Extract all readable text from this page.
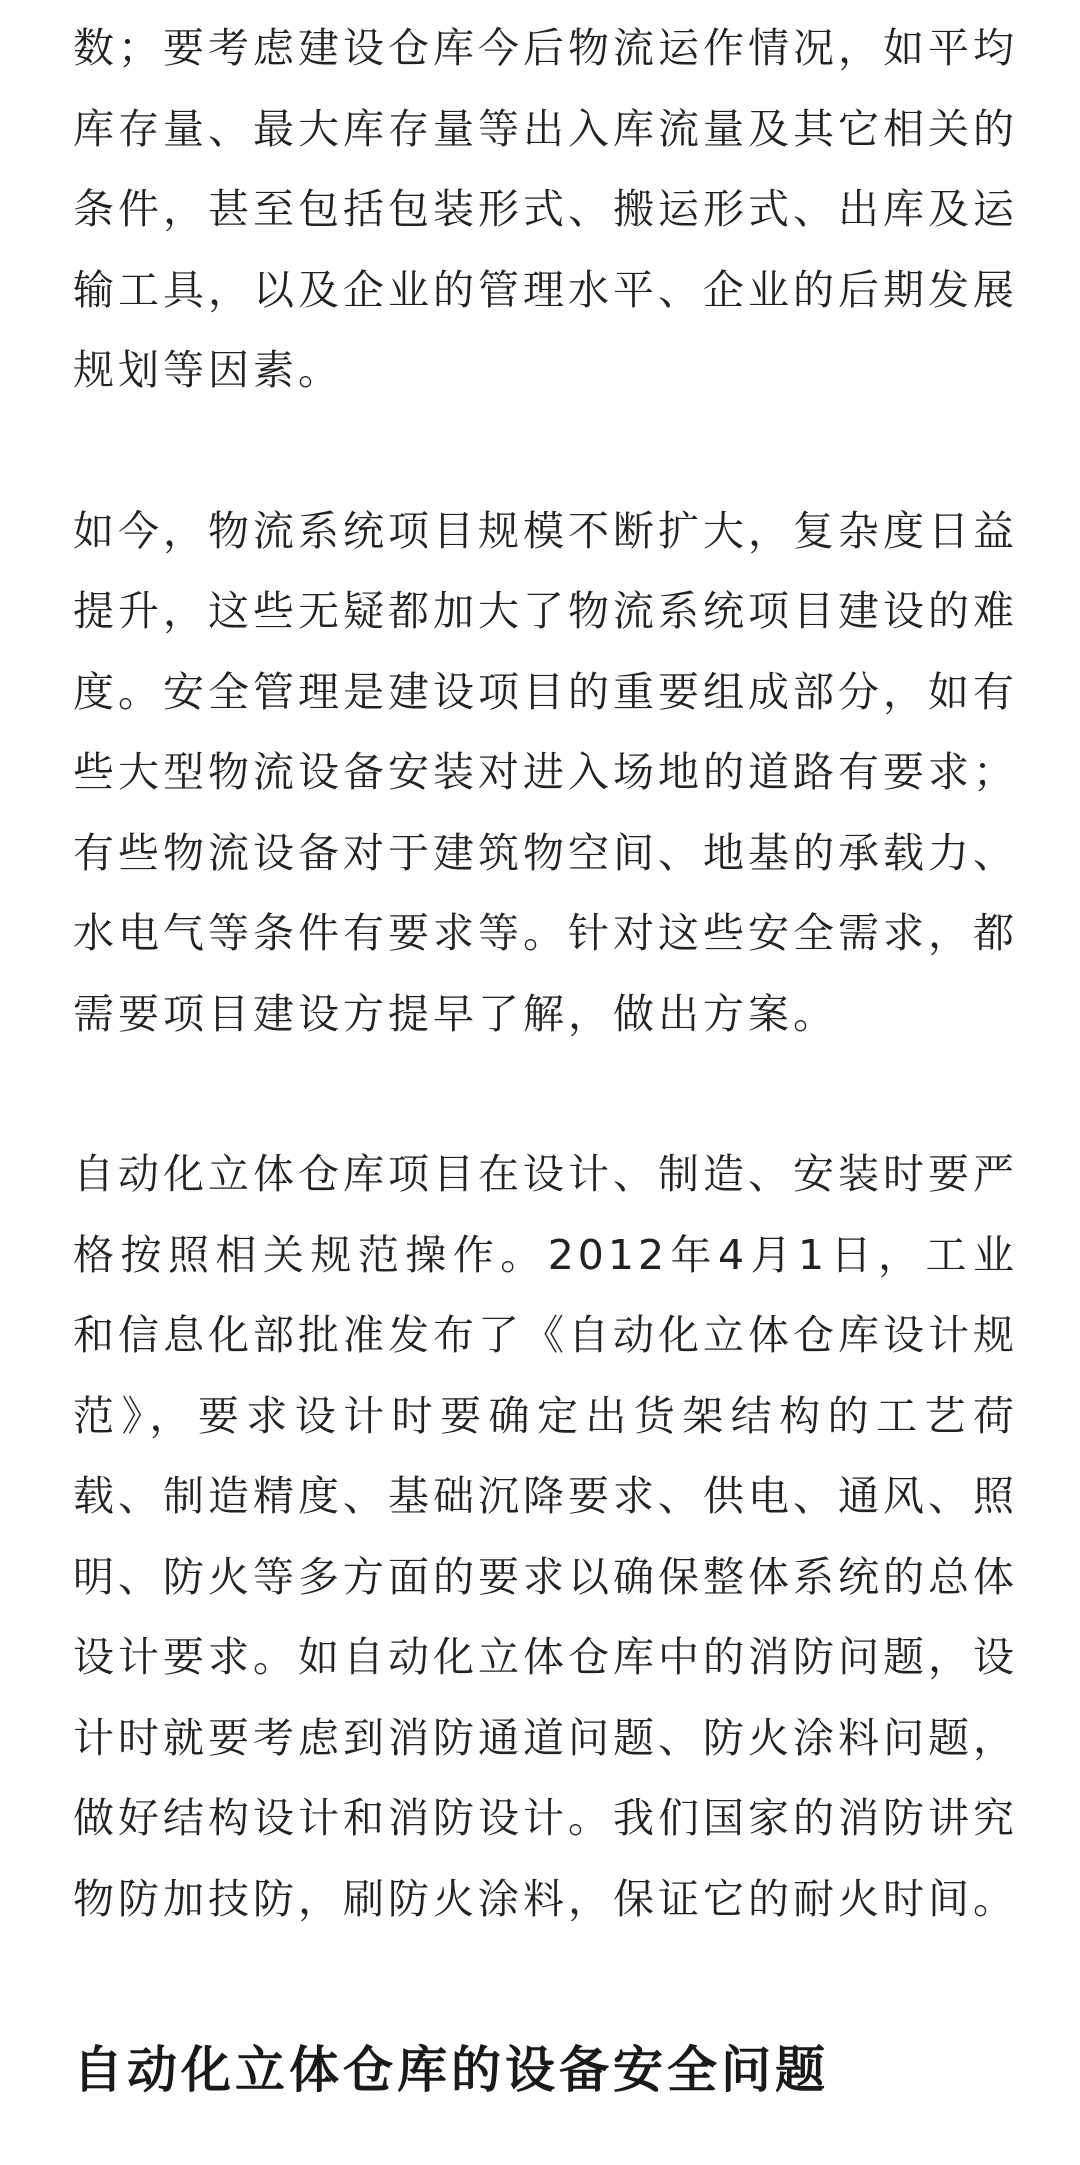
数；要考虑建设仓库今后物流运作情况，如平均库存量、最大库存量等出入库流量及其它相关的条件，甚至包括包装形式、搬运形式、出库及运输工具，以及企业的管理水平、企业的后期发展规划等因素。

如今，物流系统项目规模不断扩大，复杂度日益提升，这些无疑都加大了物流系统项目建设的难度。安全管理是建设项目的重要组成部分，如有些大型物流设备安装对进入场地的道路有要求；有些物流设备对于建筑物空间、地基的承载力、水电气等条件有要求等。针对这些安全需求，都需要项目建设方提早了解，做出方案。

自动化立体仓库项目在设计、制造、安装时要严格按照相关规范操作。2012年4月1日，工业和信息化部批准发布了《自动化立体仓库设计规范》，要求设计时要确定出货架结构的工艺荷载、制造精度、基础沉降要求、供电、通风、照明、防火等多方面的要求以确保整体系统的总体设计要求。如自动化立体仓库中的消防问题，设计时就要考虑到消防通道问题、防火涂料问题，做好结构设计和消防设计。我们国家的消防讲究物防加技防，刷防火涂料，保证它的耐火时间。

自动化立体仓库的设备安全问题
